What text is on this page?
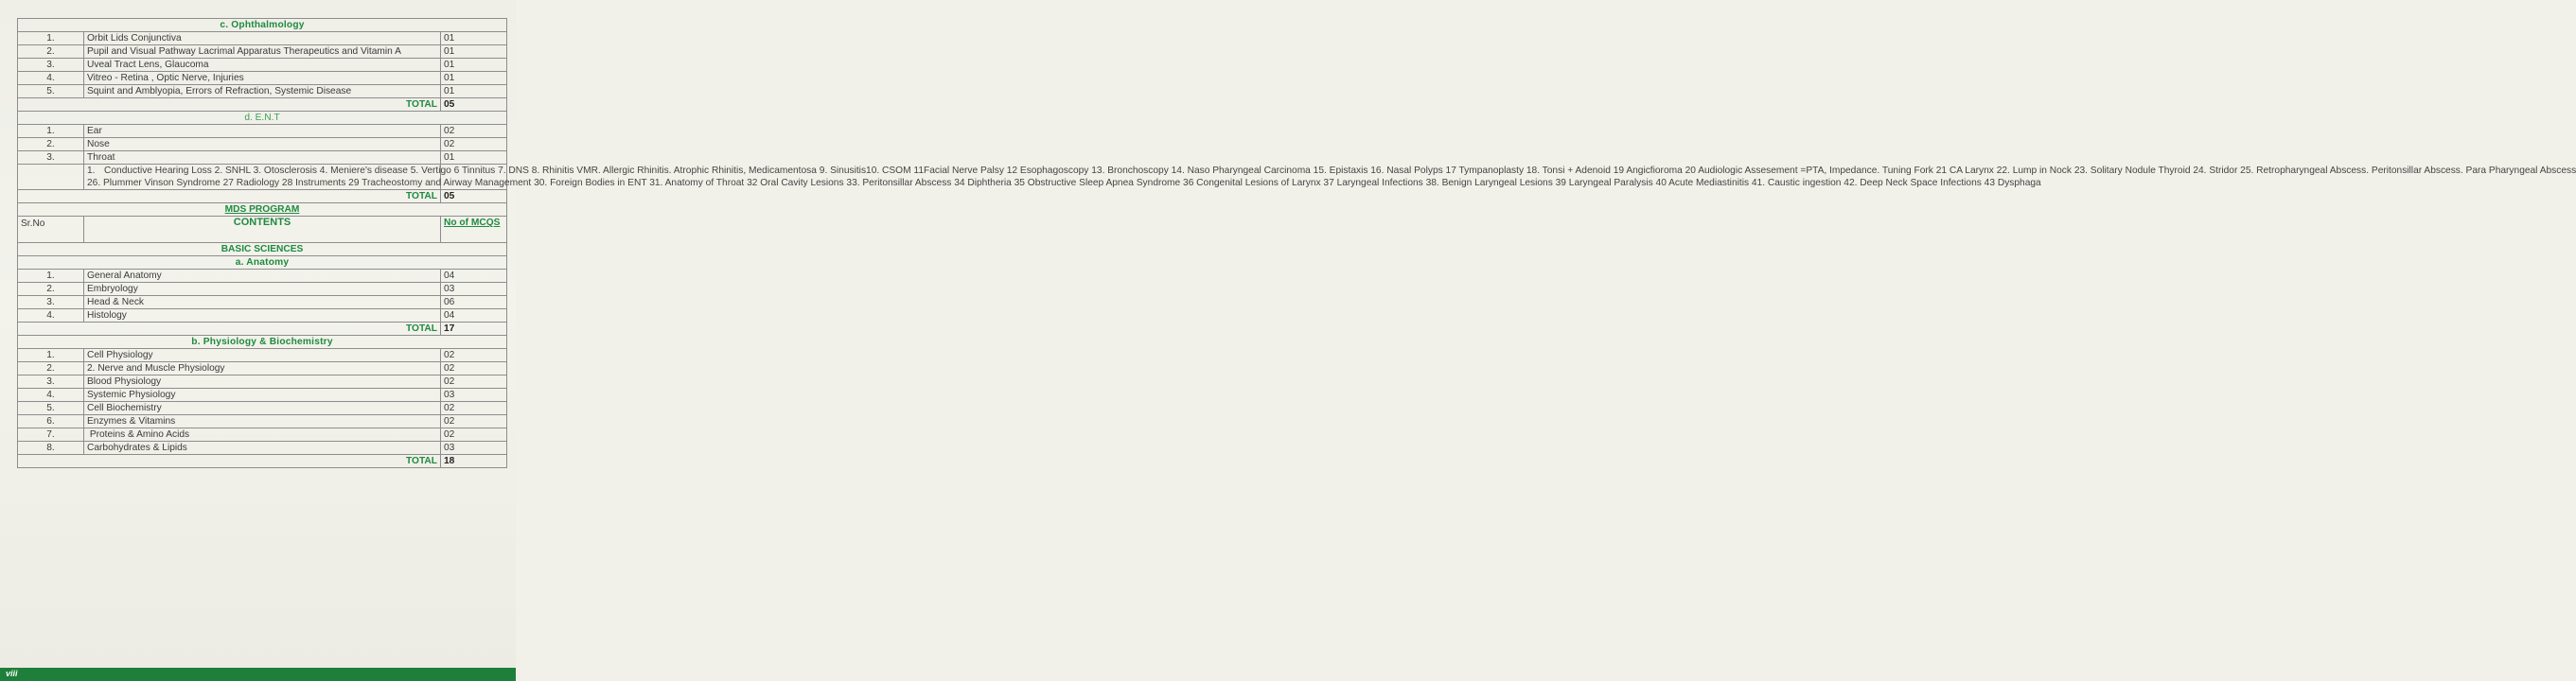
c. Ophthalmology		
1.	Orbit Lids Conjunctiva	01
2.	Pupil and Visual Pathway Lacrimal Apparatus Therapeutics and Vitamin A	01
3.	Uveal Tract Lens, Glaucoma	01
4.	Vitreo - Retina , Optic Nerve, Injuries	01
5.	Squint and Amblyopia, Errors of Refraction, Systemic Disease	01
TOTAL		05
d. E.N.T		
1.	Ear	02
2.	Nose	02
3.	Throat	01
	1. Conductive Hearing Loss 2. SNHL 3. Otosclerosis 4. Meniere's disease 5. Vertigo 6 Tinnitus 7. DNS 8. Rhinitis VMR. Allergic Rhinitis. Atrophic Rhinitis, Medicamentosa 9. Sinusitis10. CSOM 11Facial Nerve Palsy 12 Esophagoscopy 13. Bronchoscopy 14. Naso Pharyngeal Carcinoma 15. Epistaxis 16. Nasal Polyps 17 Tympanoplasty 18. Tonsi + Adenoid 19 Angicfioroma 20 Audiologic Assesement =PTA, Impedance. Tuning Fork 21 CA Larynx 22. Lump in Nock 23. Solitary Nodule Thyroid 24. Stridor 25. Retropharyngeal Abscess. Peritonsillar Abscess. Para Pharyngeal Abscess
26. Plummer Vinson Syndrome 27 Radiology 28 Instruments 29 Tracheostomy and Airway Management 30. Foreign Bodies in ENT 31. Anatomy of Throat 32 Oral Cavity Lesions 33. Peritonsillar Abscess 34 Diphtheria 35 Obstructive Sleep Apnea Syndrome 36 Congenital Lesions of Larynx 37 Laryngeal Infections 38. Benign Laryngeal Lesions 39 Laryngeal Paralysis 40 Acute Mediastinitis 41. Caustic ingestion 42. Deep Neck Space Infections 43 Dysphaga	
TOTAL		05
MDS PROGRAM		
Sr.No	CONTENTS	No of MCQS
BASIC SCIENCES		
a. Anatomy		
1.	General Anatomy	04
2.	Embryology	03
3.	Head & Neck	06
4.	Histology	04
TOTAL		17
b. Physiology & Biochemistry		
1.	Cell Physiology	02
2.	2. Nerve and Muscle Physiology	02
3.	Blood Physiology	02
4.	Systemic Physiology	03
5.	Cell Biochemistry	02
6.	Enzymes & Vitamins	02
7.	Proteins & Amino Acids	02
8.	Carbohydrates & Lipids	03
TOTAL		18
viii
